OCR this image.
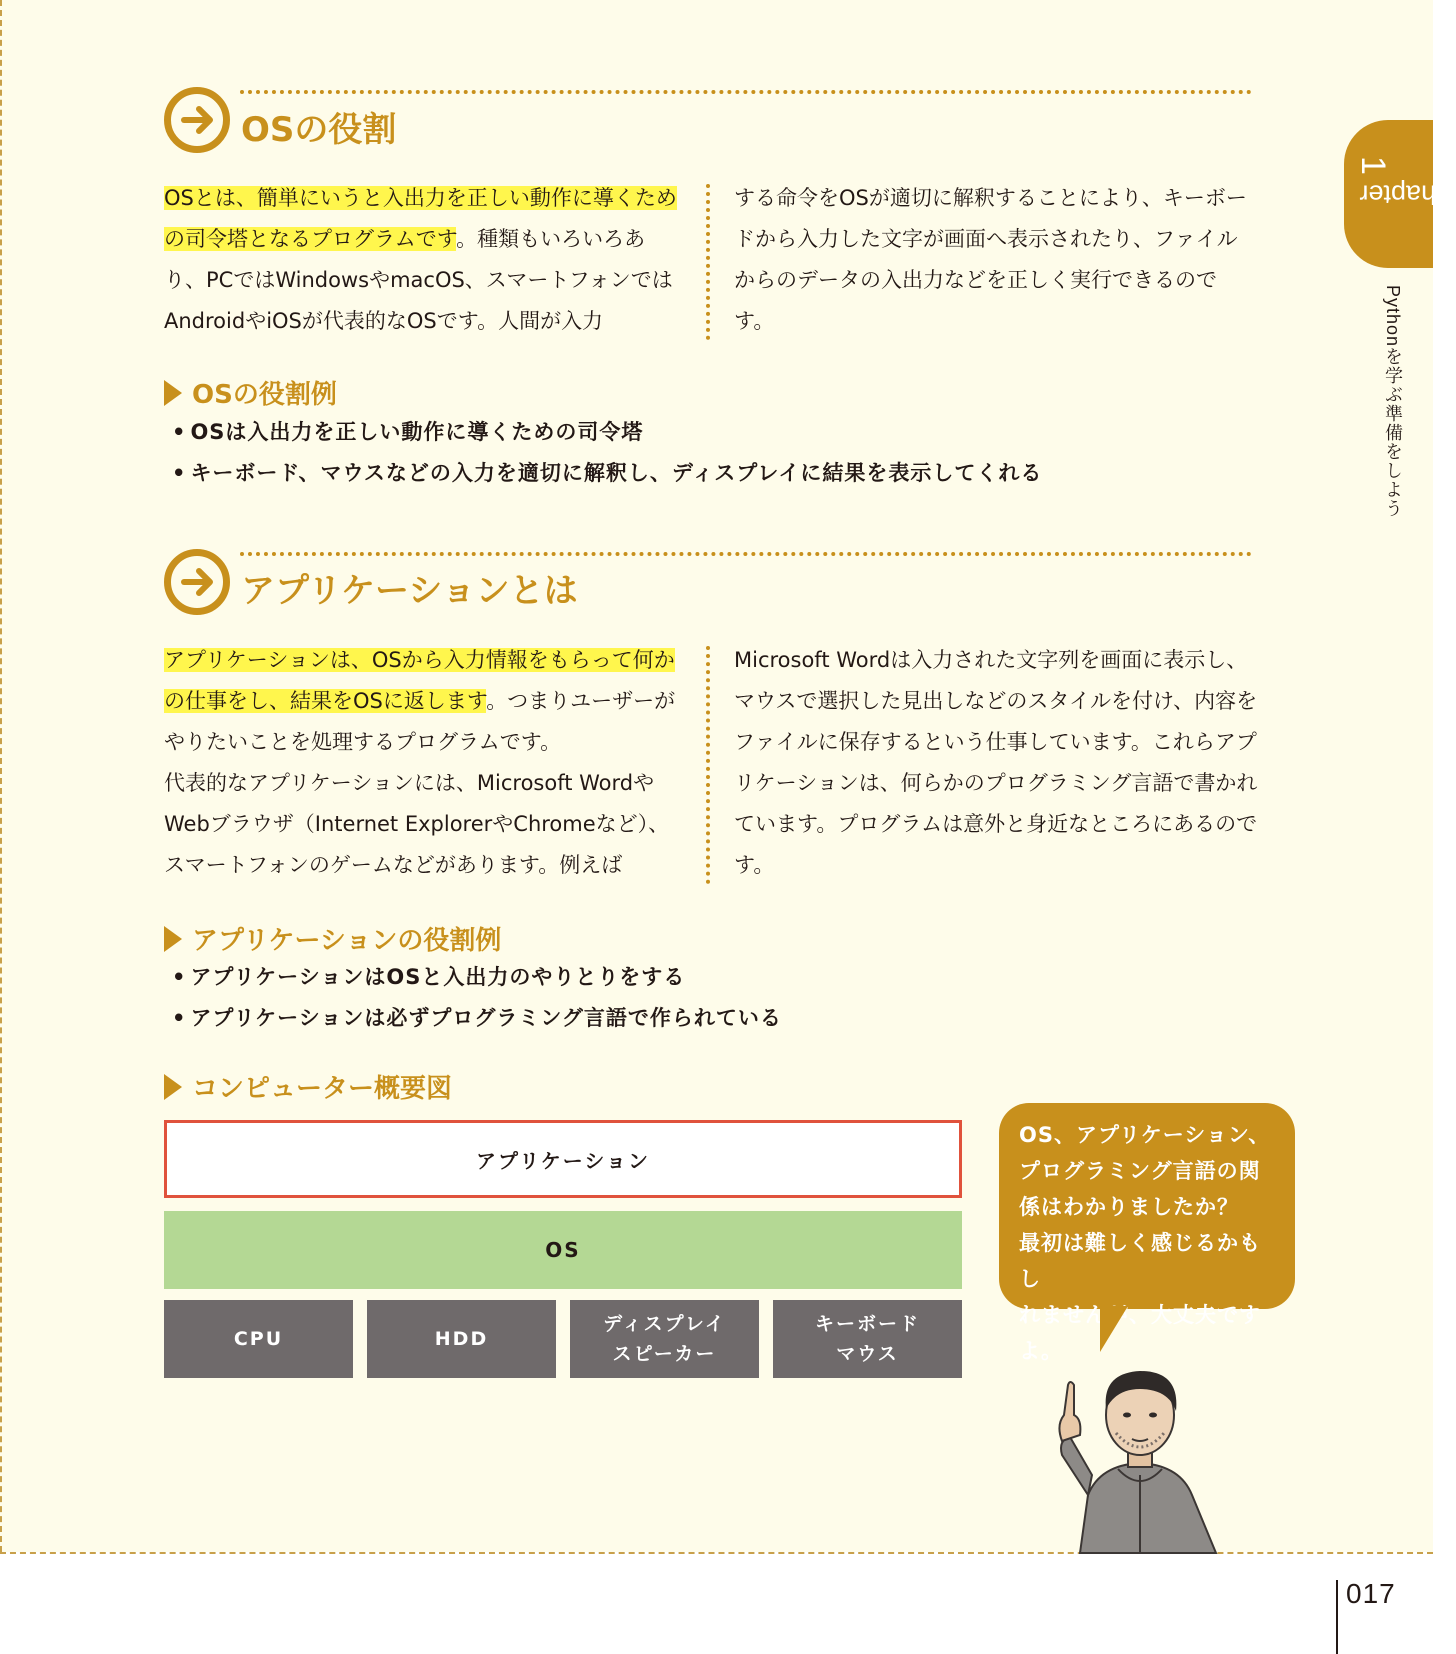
Chapter
1
Pythonを学ぶ準備をしよう
OSの役割

OSとは、簡単にいうと入出力を正しい動作に導くための司令塔となるプログラムです。種類もいろいろあり、PCではWindowsやmacOS、スマートフォンではAndroidやiOSが代表的なOSです。人間が入力

する命令をOSが適切に解釈することにより、キーボードから入力した文字が画面へ表示されたり、ファイルからのデータの入出力などを正しく実行できるのです。

OSの役割例
• OSは入出力を正しい動作に導くための司令塔
• キーボード、マウスなどの入力を適切に解釈し、ディスプレイに結果を表示してくれる
アプリケーションとは
アプリケーションは、OSから入力情報をもらって何かの仕事をし、結果をOSに返します。つまりユーザーがやりたいことを処理するプログラムです。
代表的なアプリケーションには、Microsoft WordやWebブラウザ（Internet ExplorerやChromeなど）、スマートフォンのゲームなどがあります。例えば

Microsoft Wordは入力された文字列を画面に表示し、マウスで選択した見出しなどのスタイルを付け、内容をファイルに保存するという仕事しています。これらアプリケーションは、何らかのプログラミング言語で書かれています。プログラムは意外と身近なところにあるのです。

アプリケーションの役割例
• アプリケーションはOSと入出力のやりとりをする
• アプリケーションは必ずプログラミング言語で作られている
コンピューター概要図
アプリケーション
OS
CPU	HDD
ディスプレイ
スピーカー
キーボード
マウス
OS、アプリケーション、
プログラミング言語の関
係はわかりましたか？
最初は難しく感じるかもし
れませんが、大丈夫ですよ。
017
